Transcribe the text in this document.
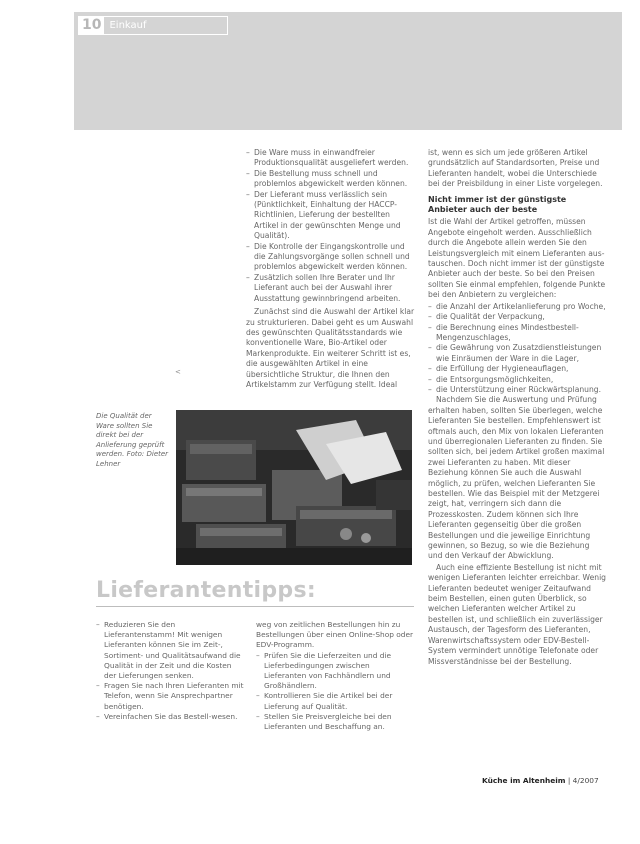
10 Einkauf
– Die Ware muss in einwandfreier Produktionsqualität ausgeliefert werden.
– Die Bestellung muss schnell und problemlos abgewickelt werden können.
– Der Lieferant muss verlässlich sein (Pünktlichkeit, Einhaltung der HACCP-Richtlinien, Lieferung der bestellten Artikel in der gewünschten Menge und Qualität).
– Die Kontrolle der Eingangskontrolle und die Zahlungsvorgänge sollen schnell und problemlos abgewickelt werden können.
– Zusätzlich sollen Ihre Berater und Ihr Lieferant auch bei der Auswahl ihrer Ausstattung gewinnbringend arbeiten.

Zunächst sind die Auswahl der Artikel klar zu strukturieren. Dabei geht es um Auswahl des gewünschten Qualitätsstandards wie konventionelle Ware, Bio-Artikel oder Markenprodukte. Ein weiterer Schritt ist es, die ausgewählten Artikel in eine übersichtliche Struktur, die Ihnen den Artikelstamm zur Verfügung stellt. Ideal

ist, wenn es sich um jede größeren Artikel grundsätzlich auf Standardsorten, Preise und Lieferanten handelt, wobei die Unterschiede bei der Preisbildung in einer Liste vorgelegen.

Nicht immer ist der günstigste Anbieter auch der beste

Ist die Wahl der Artikel getroffen, müssen Angebote eingeholt werden. Ausschließlich durch die Angebote allein werden Sie den Leistungsvergleich mit einem Lieferanten aus-tauschen. Doch nicht immer ist der günstigste Anbieter auch der beste. So bei den Preisen sollten Sie einmal empfehlen, folgende Punkte bei den Anbietern zu vergleichen:

– die Anzahl der Artikelanlieferung pro Woche,
– die Qualität der Verpackung,
– die Berechnung eines Mindestbestell-Mengenzuschlages,
– die Gewährung von Zusatzdienstleistungen wie Einräumen der Ware in die Lager,
– die Erfüllung der Hygieneauflagen,
– die Entsorgungsmöglichkeiten,
– die Unterstützung einer Rückwärtsplanung.

Nachdem Sie die Auswertung und Prüfung erhalten haben, sollten Sie überlegen, welche Lieferanten Sie bestellen. Empfehlenswert ist oftmals auch, den Mix von lokalen Lieferanten und überregionalen Lieferanten zu finden. Sie sollten sich, bei jedem Artikel großen maximal zwei Lieferanten zu haben. Mit dieser Beziehung können Sie auch die Auswahl möglich, zu prüfen, welchen Lieferanten Sie bestellen. Wie das Beispiel mit der Metzgerei zeigt, hat, verringern sich dann die Prozesskosten. Zudem können sich Ihre Lieferanten gegenseitig über die großen Bestellungen und die jeweilige Einrichtung gewinnen, so Bezug, so wie die Beziehung und den Verkauf der Abwicklung.

Auch eine effiziente Bestellung ist nicht mit wenigen Lieferanten leichter erreichbar. Wenig Lieferanten bedeutet weniger Zeitaufwand beim Bestellen, einen guten Überblick, so welchen Lieferanten welcher Artikel zu bestellen ist, und schließlich ein zuverlässiger Austausch, der Tagesform des Lieferanten, Warenwirtschaftssystem oder EDV-Bestell-System vermindert unnötige Telefonate oder Missverständnisse bei der Bestellung.

<
Die Qualität der Ware sollten Sie direkt bei der Anlieferung geprüft werden. Foto: Dieter Lehner
Lieferantentipps:
– Reduzieren Sie den Lieferantenstamm! Mit wenigen Lieferanten können Sie im Zeit-, Sortiment- und Qualitätsaufwand die Qualität in der Zeit und die Kosten der Lieferungen senken.
– Fragen Sie nach Ihren Lieferanten mit Telefon, wenn Sie Ansprechpartner benötigen.
– Vereinfachen Sie das Bestell-wesen.

weg von zeitlichen Bestellungen hin zu Bestellungen über einen Online-Shop oder EDV-Programm.

– Prüfen Sie die Lieferzeiten und die Lieferbedingungen zwischen Lieferanten von Fachhändlern und Großhändlern.
– Kontrollieren Sie die Artikel bei der Lieferung auf Qualität.
– Stellen Sie Preisvergleiche bei den Lieferanten und Beschaffung an.
Küche im Altenheim | 4/2007
